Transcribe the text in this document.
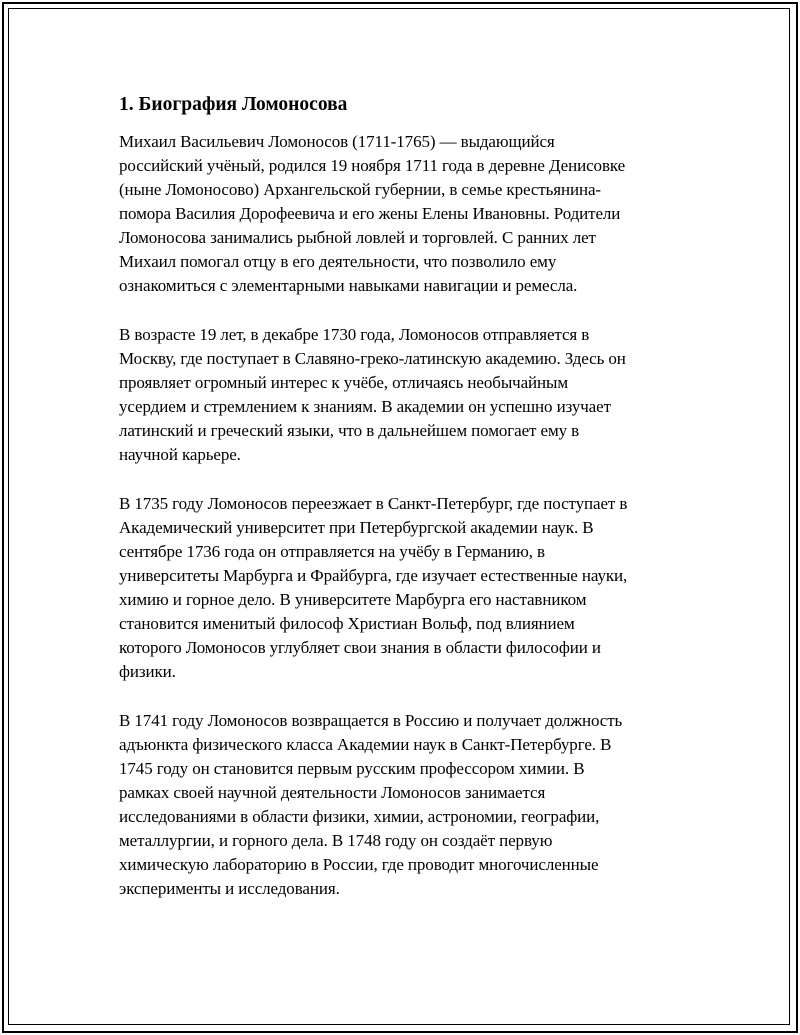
1. Биография Ломоносова

Михаил Васильевич Ломоносов (1711-1765) — выдающийся
российский учёный, родился 19 ноября 1711 года в деревне Денисовке
(ныне Ломоносово) Архангельской губернии, в семье крестьянина-
помора Василия Дорофеевича и его жены Елены Ивановны. Родители
Ломоносова занимались рыбной ловлей и торговлей. С ранних лет
Михаил помогал отцу в его деятельности, что позволило ему
ознакомиться с элементарными навыками навигации и ремесла.

В возрасте 19 лет, в декабре 1730 года, Ломоносов отправляется в
Москву, где поступает в Славяно-греко-латинскую академию. Здесь он
проявляет огромный интерес к учёбе, отличаясь необычайным
усердием и стремлением к знаниям. В академии он успешно изучает
латинский и греческий языки, что в дальнейшем помогает ему в
научной карьере.

В 1735 году Ломоносов переезжает в Санкт-Петербург, где поступает в
Академический университет при Петербургской академии наук. В
сентябре 1736 года он отправляется на учёбу в Германию, в
университеты Марбурга и Фрайбурга, где изучает естественные науки,
химию и горное дело. В университете Марбурга его наставником
становится именитый философ Христиан Вольф, под влиянием
которого Ломоносов углубляет свои знания в области философии и
физики.

В 1741 году Ломоносов возвращается в Россию и получает должность
адъюнкта физического класса Академии наук в Санкт-Петербурге. В
1745 году он становится первым русским профессором химии. В
рамках своей научной деятельности Ломоносов занимается
исследованиями в области физики, химии, астрономии, географии,
металлургии, и горного дела. В 1748 году он создаёт первую
химическую лабораторию в России, где проводит многочисленные
эксперименты и исследования.
